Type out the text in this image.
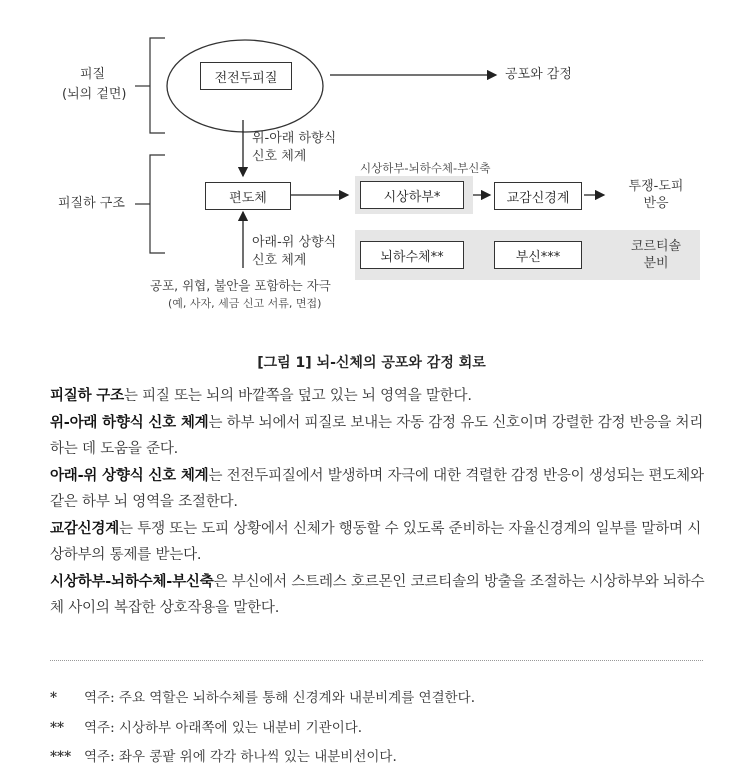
피질
(뇌의 겉면)
전전두피질	공포와 감정
위-아래 하향식
신호 체계
피질하 구조
시상하부-뇌하수체-부신축
편도체	시상하부*	교감신경계
투쟁-도피
반응
뇌하수체**	부신***
코르티솔
분비
아래-위 상향식
신호 체계
공포, 위협, 불안을 포함하는 자극
(예, 사자, 세금 신고 서류, 면접)
[그림 1] 뇌-신체의 공포와 감정 회로

피질하 구조는 피질 또는 뇌의 바깥쪽을 덮고 있는 뇌 영역을 말한다.

위-아래 하향식 신호 체계는 하부 뇌에서 피질로 보내는 자동 감정 유도 신호이며 강렬한 감정 반응을 처리하는 데 도움을 준다.

아래-위 상향식 신호 체계는 전전두피질에서 발생하며 자극에 대한 격렬한 감정 반응이 생성되는 편도체와 같은 하부 뇌 영역을 조절한다.

교감신경계는 투쟁 또는 도피 상황에서 신체가 행동할 수 있도록 준비하는 자율신경계의 일부를 말하며 시상하부의 통제를 받는다.

시상하부-뇌하수체-부신축은 부신에서 스트레스 호르몬인 코르티솔의 방출을 조절하는 시상하부와 뇌하수체 사이의 복잡한 상호작용을 말한다.

* 역주: 주요 역할은 뇌하수체를 통해 신경계와 내분비계를 연결한다.
** 역주: 시상하부 아래쪽에 있는 내분비 기관이다.
*** 역주: 좌우 콩팥 위에 각각 하나씩 있는 내분비선이다.
